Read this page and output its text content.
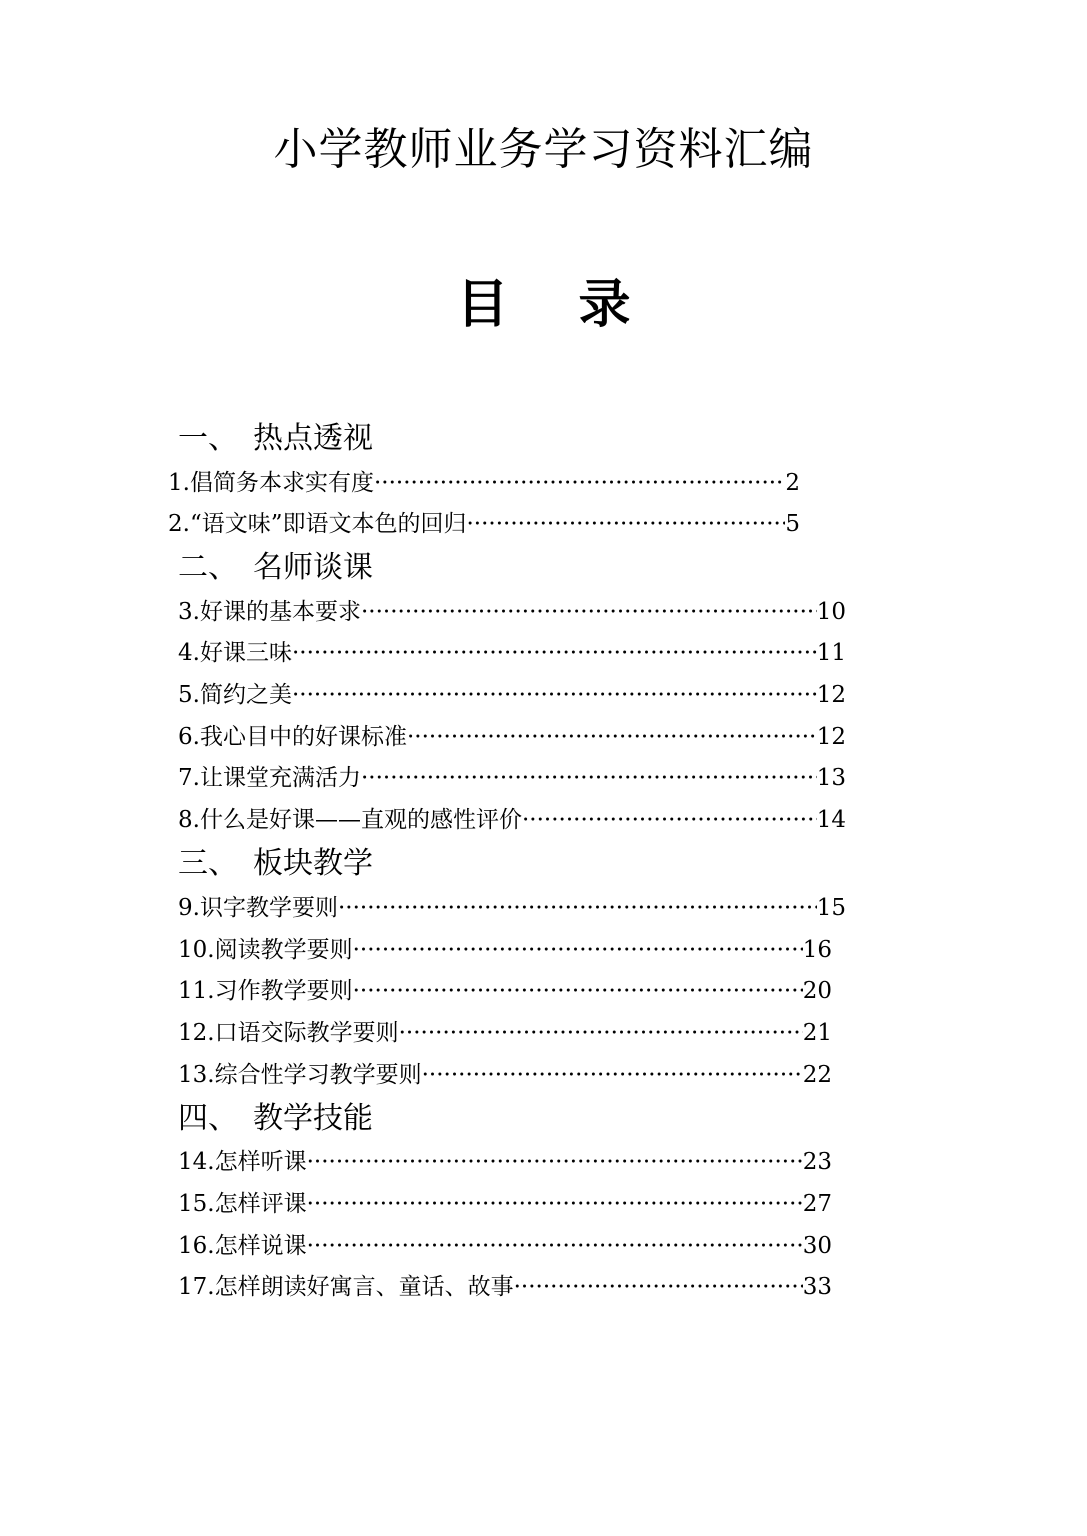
小学教师业务学习资料汇编
目 录
一、 热点透视
1.倡简务本求实有度 ·····	2
2.“语文味”即语文本色的回归 ·····	5
二、 名师谈课
3.好课的基本要求 ·····	10
4.好课三味 ·····	11
5.简约之美 ·····	12
6.我心目中的好课标准 ·····	12
7.让课堂充满活力 ·····	13
8.什么是好课——直观的感性评价 ·····	14
三、 板块教学
9.识字教学要则 ·····	15
10.阅读教学要则 ·····	16
11.习作教学要则 ·····	20
12.口语交际教学要则 ·····	21
13.综合性学习教学要则 ·····	22
四、 教学技能
14.怎样听课 ·····	23
15.怎样评课 ·····	27
16.怎样说课 ·····	30
17.怎样朗读好寓言、童话、故事 ·····	33
